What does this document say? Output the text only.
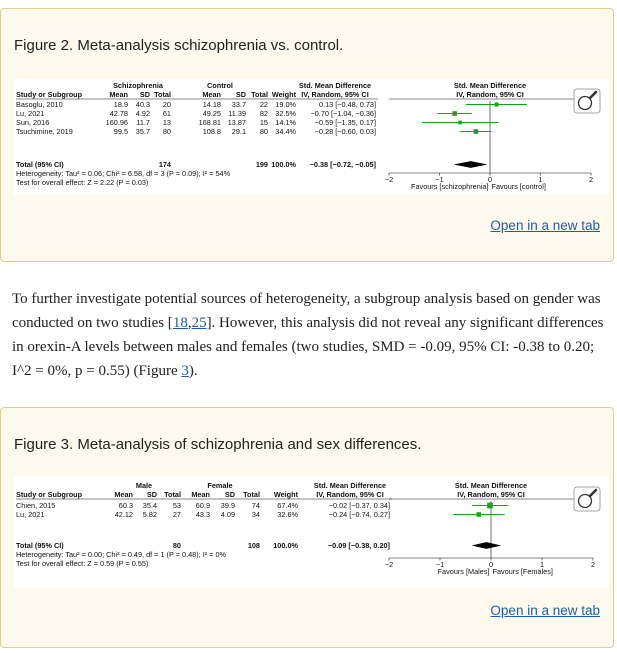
Figure 2. Meta-analysis schizophrenia vs. control.
Schizophrenia	Control	Std. Mean Difference	Std. Mean Difference
Study or Subgroup	Mean SD Total	Mean SD Total Weight IV, Random, 95% CI	IV, Random, 95% CI
Basoglu, 2010	18.9 40.3 20	14.18 33.7 22 19.0%	0.13 [−0.48, 0.73]
Lu, 2021	42.78 4.92 61	49.25 11.39 82 32.5% −0.70 [−1.04, −0.36]
Sun, 2016	160.96 11.7 13	168.81 13.87 15 14.1%	−0.59 [−1.35, 0.17]
Tsuchimine, 2019	99.5 35.7 80	108.8 29.1 80 34.4%	−0.28 [−0.60, 0.03]
Total (95% CI)	174	199 100.0% −0.38 [−0.72, −0.05]
Heterogeneity: Tau² = 0.06; Chi² = 6.58, df = 3 (P = 0.09); I² = 54%
Test for overall effect: Z = 2.22 (P = 0.03)	−2	−1	0	1	2
Favours [schizophrenia] Favours [control]
Open in a new tab

To further investigate potential sources of heterogeneity, a subgroup analysis based on gender was conducted on two studies [18,25]. However, this analysis did not reveal any significant differences in orexin-A levels between males and females (two studies, SMD = -0.09, 95% CI: -0.38 to 0.20; I^2 = 0%, p = 0.55) (Figure 3).

Figure 3. Meta-analysis of schizophrenia and sex differences.
Male	Female	Std. Mean Difference	Std. Mean Difference
Study or Subgroup	Mean SD Total Mean SD Total Weight	IV, Random, 95% CI	IV, Random, 95% CI
Chien, 2015	60.3 35.4 53 60.9 39.9 74 67.4%	−0.02 [−0.37, 0.34]
Lu, 2021	42.12 5.82 27 43.3 4.09 34 32.6%	−0.24 [−0.74, 0.27]
Total (95% CI)	80	108 100.0%	−0.09 [−0.38, 0.20]
Heterogeneity: Tau² = 0.00; Chi² = 0.49, df = 1 (P = 0.48); I² = 0%
Test for overall effect: Z = 0.59 (P = 0.55)	−2	−1	0	1	2
Favours [Males] Favours [Females]
Open in a new tab
